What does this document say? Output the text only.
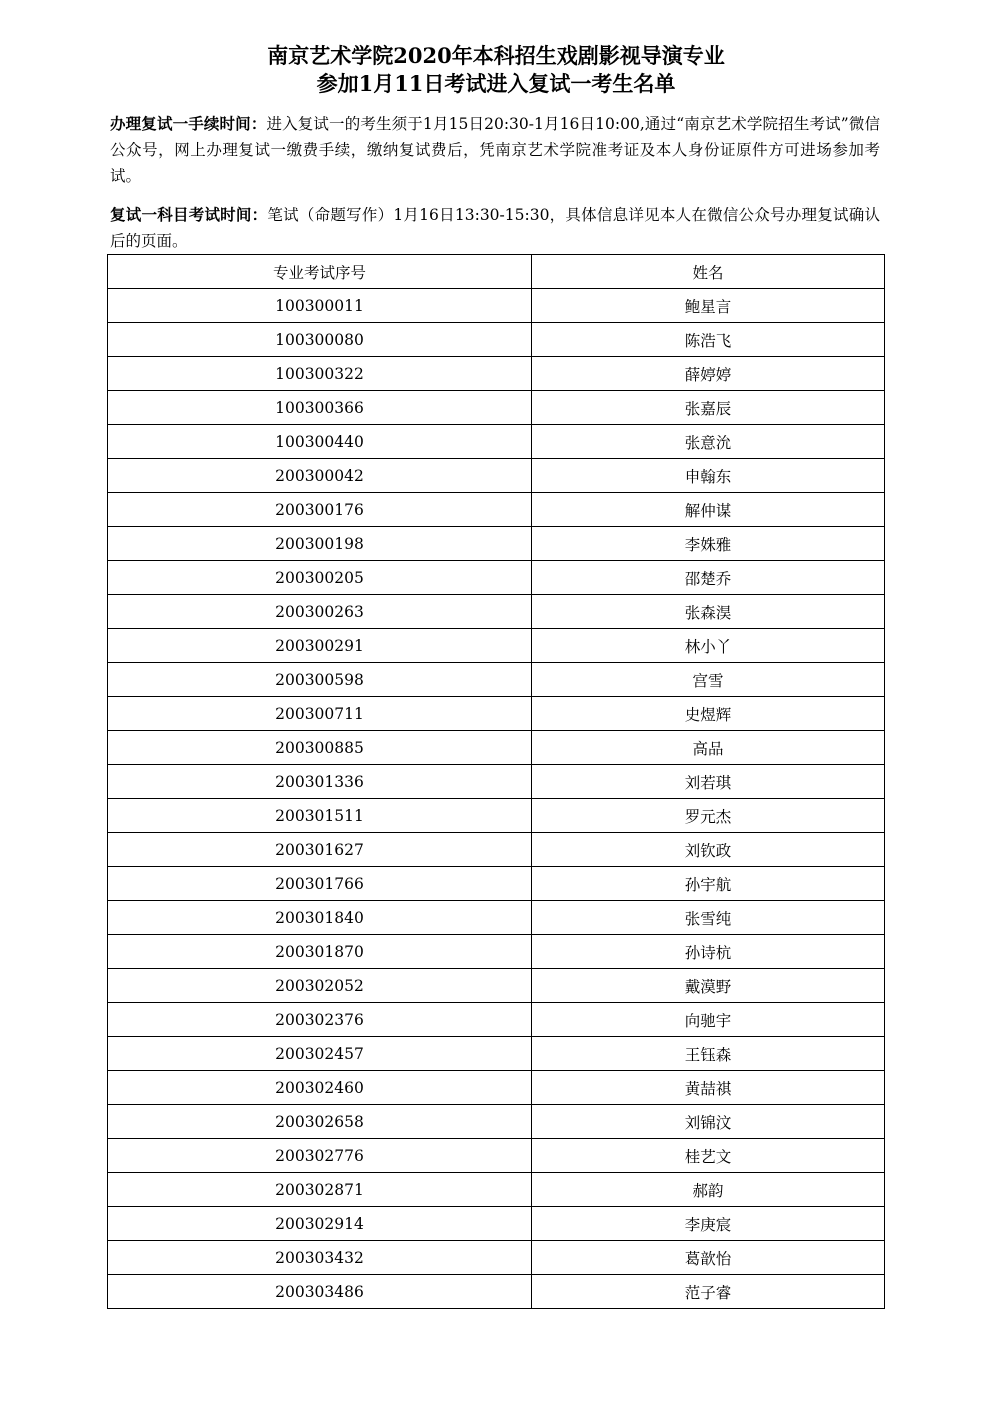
南京艺术学院2020年本科招生戏剧影视导演专业
参加1月11日考试进入复试一考生名单
办理复试一手续时间：进入复试一的考生须于1月15日20:30-1月16日10:00,通过“南京艺术学院招生考试”微信公众号，网上办理复试一缴费手续，缴纳复试费后，凭南京艺术学院准考证及本人身份证原件方可进场参加考试。
复试一科目考试时间：笔试（命题写作）1月16日13:30-15:30，具体信息详见本人在微信公众号办理复试确认后的页面。
专业考试序号	姓名
100300011	鲍星言
100300080	陈浩飞
100300322	薛婷婷
100300366	张嘉辰
100300440	张意沇
200300042	申翰东
200300176	解仲谋
200300198	李姝雅
200300205	邵楚乔
200300263	张森淏
200300291	林小丫
200300598	宫雪
200300711	史煜辉
200300885	高品
200301336	刘若琪
200301511	罗元杰
200301627	刘钦政
200301766	孙宇航
200301840	张雪纯
200301870	孙诗杭
200302052	戴漠野
200302376	向驰宇
200302457	王钰森
200302460	黄喆祺
200302658	刘锦汶
200302776	桂艺文
200302871	郝韵
200302914	李庚宸
200303432	葛歆怡
200303486	范子睿
